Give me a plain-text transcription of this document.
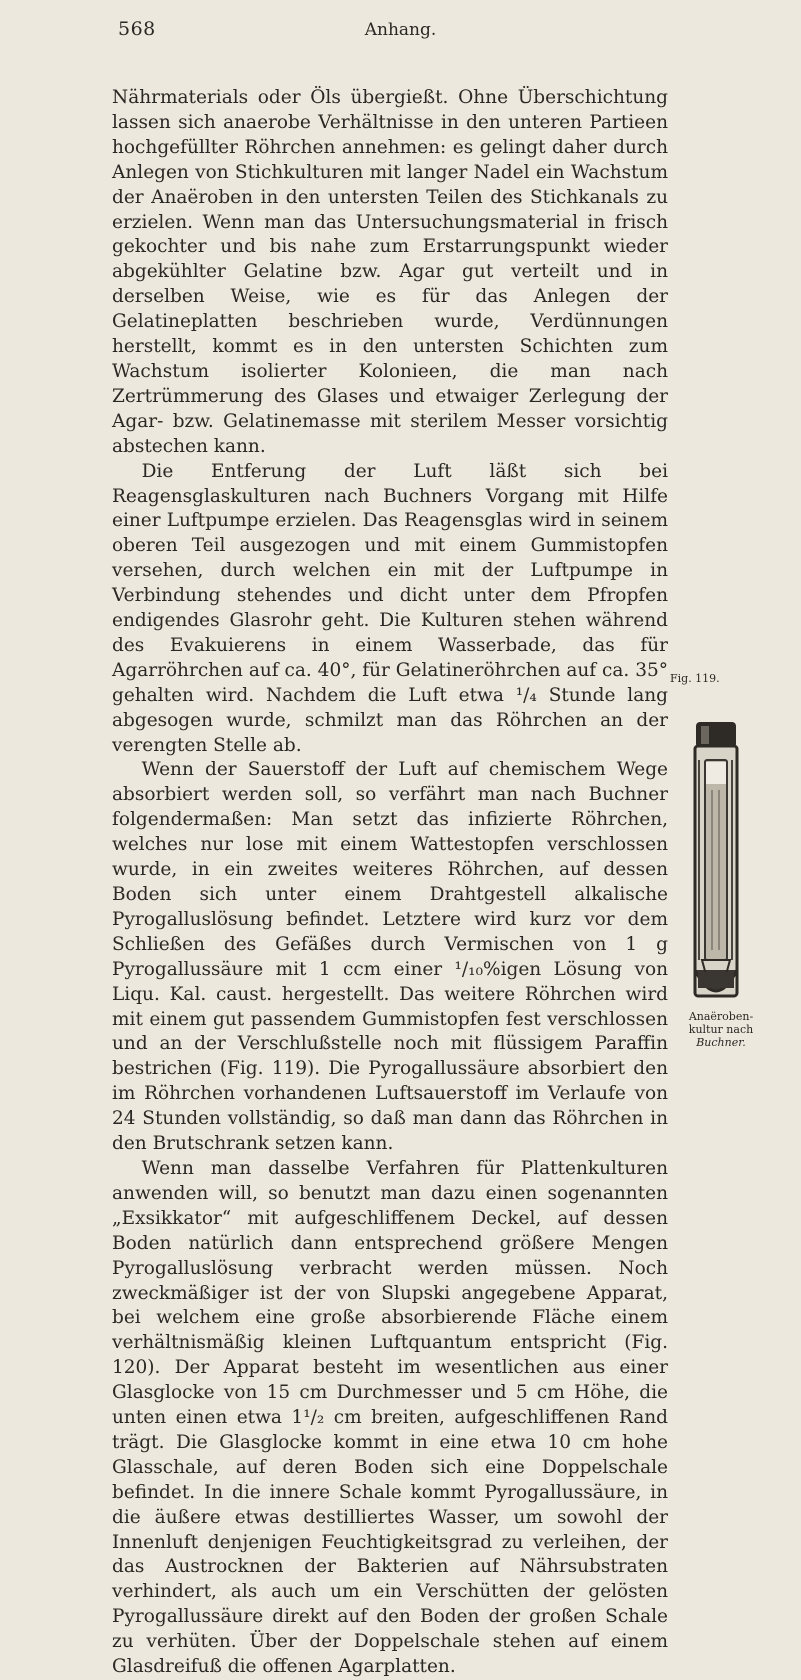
568	Anhang.

Nährmaterials oder Öls übergießt. Ohne Überschichtung lassen sich anaerobe Verhältnisse in den unteren Partieen hochgefüllter Röhrchen annehmen: es gelingt daher durch Anlegen von Stichkulturen mit langer Nadel ein Wachstum der Anaëroben in den untersten Teilen des Stichkanals zu erzielen. Wenn man das Untersuchungsmaterial in frisch gekochter und bis nahe zum Erstarrungspunkt wieder abgekühlter Gelatine bzw. Agar gut verteilt und in derselben Weise, wie es für das Anlegen der Gelatineplatten beschrieben wurde, Verdünnungen herstellt, kommt es in den untersten Schichten zum Wachstum isolierter Kolonieen, die man nach Zertrümmerung des Glases und etwaiger Zerlegung der Agar- bzw. Gelatinemasse mit sterilem Messer vorsichtig abstechen kann.

Die Entferung der Luft läßt sich bei Reagensglaskulturen nach Buchners Vorgang mit Hilfe einer Luftpumpe erzielen. Das Reagensglas wird in seinem oberen Teil ausgezogen und mit einem Gummistopfen versehen, durch welchen ein mit der Luftpumpe in Verbindung stehendes und dicht unter dem Pfropfen endigendes Glasrohr geht. Die Kulturen stehen während des Evakuierens in einem Wasserbade, das für Agarröhrchen auf ca. 40°, für Gelatineröhrchen auf ca. 35° gehalten wird. Nachdem die Luft etwa ¹/₄ Stunde lang abgesogen wurde, schmilzt man das Röhrchen an der verengten Stelle ab.

Wenn der Sauerstoff der Luft auf chemischem Wege absorbiert werden soll, so verfährt man nach Buchner folgendermaßen: Man setzt das infizierte Röhrchen, welches nur lose mit einem Wattestopfen verschlossen wurde, in ein zweites weiteres Röhrchen, auf dessen Boden sich unter einem Drahtgestell alkalische Pyrogalluslösung befindet. Letztere wird kurz vor dem Schließen des Gefäßes durch Vermischen von 1 g Pyrogallussäure mit 1 ccm einer ¹/₁₀%igen Lösung von Liqu. Kal. caust. hergestellt. Das weitere Röhrchen wird mit einem gut passendem Gummistopfen fest verschlossen und an der Verschlußstelle noch mit flüssigem Paraffin bestrichen (Fig. 119). Die Pyrogallussäure absorbiert den im Röhrchen vorhandenen Luftsauerstoff im Verlaufe von 24 Stunden vollständig, so daß man dann das Röhrchen in den Brutschrank setzen kann.

Wenn man dasselbe Verfahren für Plattenkulturen anwenden will, so benutzt man dazu einen sogenannten „Exsikkator“ mit aufgeschliffenem Deckel, auf dessen Boden natürlich dann entsprechend größere Mengen Pyrogalluslösung verbracht werden müssen. Noch zweckmäßiger ist der von Slupski angegebene Apparat, bei welchem eine große absorbierende Fläche einem verhältnismäßig kleinen Luftquantum entspricht (Fig. 120). Der Apparat besteht im wesentlichen aus einer Glasglocke von 15 cm Durchmesser und 5 cm Höhe, die unten einen etwa 1¹/₂ cm breiten, aufgeschliffenen Rand trägt. Die Glasglocke kommt in eine etwa 10 cm hohe Glasschale, auf deren Boden sich eine Doppelschale befindet. In die innere Schale kommt Pyrogallussäure, in die äußere etwas destilliertes Wasser, um sowohl der Innenluft denjenigen Feuchtigkeitsgrad zu verleihen, der das Austrocknen der Bakterien auf Nährsubstraten verhindert, als auch um ein Verschütten der gelösten Pyrogallussäure direkt auf den Boden der großen Schale zu verhüten. Über der Doppelschale stehen auf einem Glasdreifuß die offenen Agarplatten.

Fig. 119.
Anaëroben-
kultur nach
Buchner.
